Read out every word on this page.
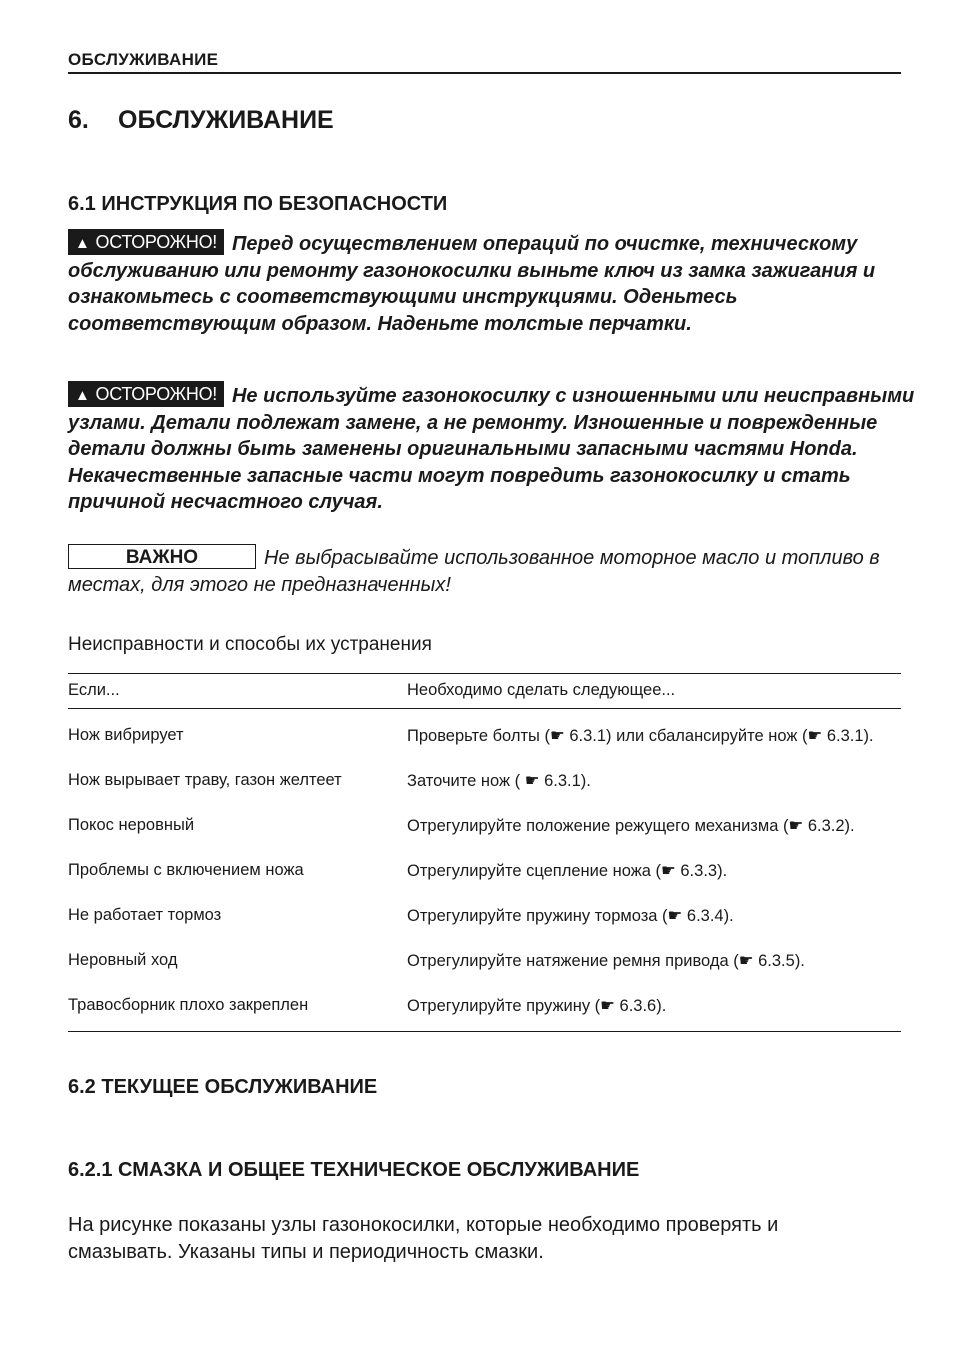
ОБСЛУЖИВАНИЕ
6. ОБСЛУЖИВАНИЕ
6.1 ИНСТРУКЦИЯ ПО БЕЗОПАСНОСТИ
▲ ОСТОРОЖНО! Перед осуществлением операций по очистке, техническому обслуживанию или ремонту газонокосилки выньте ключ из замка зажигания и ознакомьтесь с соответствующими инструкциями. Оденьтесь соответствующим образом. Наденьте толстые перчатки.
▲ ОСТОРОЖНО! Не используйте газонокосилку с изношенными или неисправными узлами. Детали подлежат замене, а не ремонту. Изношенные и поврежденные детали должны быть заменены оригинальными запасными частями Honda. Некачественные запасные части могут повредить газонокосилку и стать причиной несчастного случая.
ВАЖНО	Не выбрасывайте использованное моторное масло и топливо в местах, для этого не предназначенных!
Неисправности и способы их устранения
Если...	Необходимо сделать следующее...
Нож вибрирует	Проверьте болты (☛ 6.3.1) или сбалансируйте нож (☛ 6.3.1).
Нож вырывает траву, газон желтеет	Заточите нож ( ☛ 6.3.1).
Покос неровный	Отрегулируйте положение режущего механизма (☛ 6.3.2).
Проблемы с включением ножа	Отрегулируйте сцепление ножа (☛ 6.3.3).
Не работает тормоз	Отрегулируйте пружину тормоза (☛ 6.3.4).
Неровный ход	Отрегулируйте натяжение ремня привода (☛ 6.3.5).
Травосборник плохо закреплен	Отрегулируйте пружину (☛ 6.3.6).
6.2 ТЕКУЩЕЕ ОБСЛУЖИВАНИЕ
6.2.1 СМАЗКА И ОБЩЕЕ ТЕХНИЧЕСКОЕ ОБСЛУЖИВАНИЕ
На рисунке показаны узлы газонокосилки, которые необходимо проверять и смазывать. Указаны типы и периодичность смазки.
